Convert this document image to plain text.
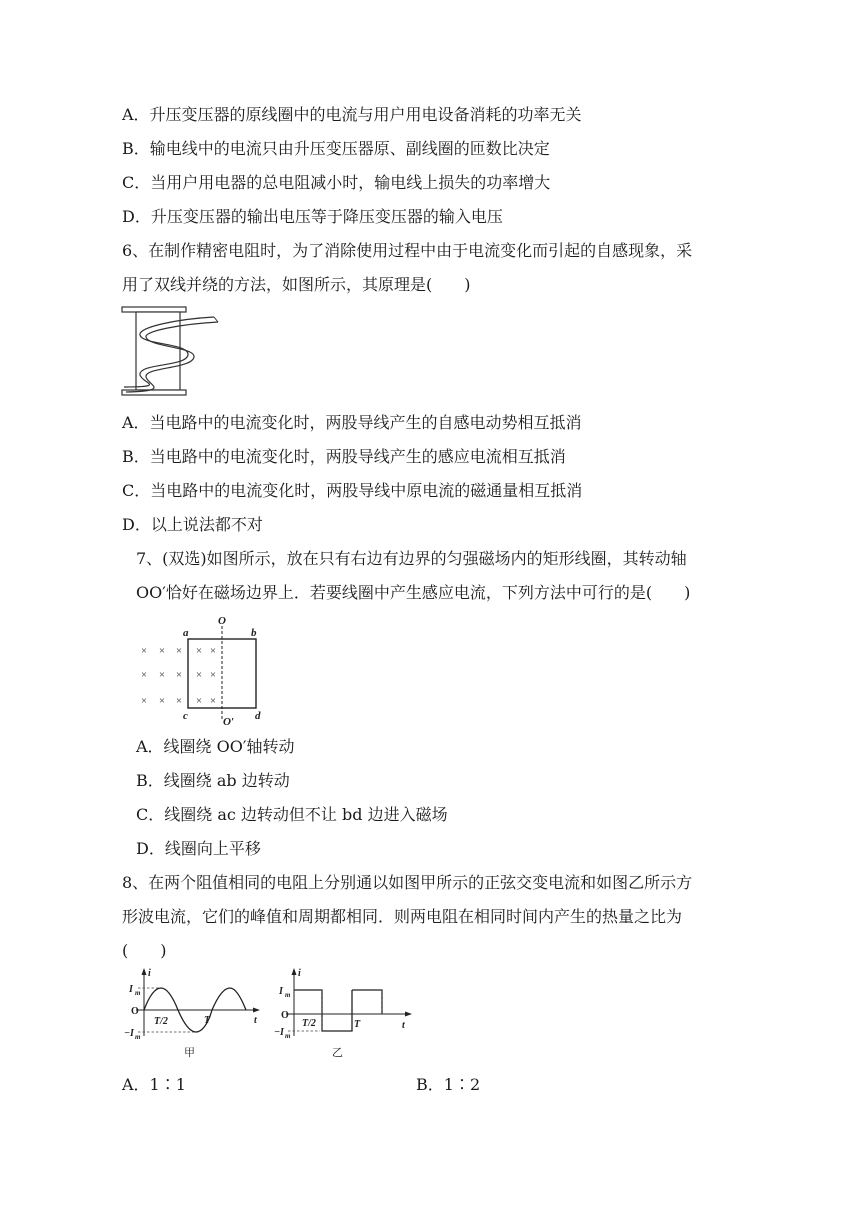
A．升压变压器的原线圈中的电流与用户用电设备消耗的功率无关
B．输电线中的电流只由升压变压器原、副线圈的匝数比决定
C．当用户用电器的总电阻减小时，输电线上损失的功率增大
D．升压变压器的输出电压等于降压变压器的输入电压
6、在制作精密电阻时，为了消除使用过程中由于电流变化而引起的自感现象，采
用了双线并绕的方法，如图所示，其原理是(　　)
A．当电路中的电流变化时，两股导线产生的自感电动势相互抵消
B．当电路中的电流变化时，两股导线产生的感应电流相互抵消
C．当电路中的电流变化时，两股导线中原电流的磁通量相互抵消
D．以上说法都不对
7、(双选)如图所示，放在只有右边有边界的匀强磁场内的矩形线圈，其转动轴
OO′恰好在磁场边界上．若要线圈中产生感应电流，下列方法中可行的是(　　)
× × × × ×
× × × × ×
× × × × ×
a	b
c	d
O
O′
A．线圈绕 OO′轴转动
B．线圈绕 ab 边转动
C．线圈绕 ac 边转动但不让 bd 边进入磁场
D．线圈向上平移
8、在两个阻值相同的电阻上分别通以如图甲所示的正弦交变电流和如图乙所示方
形波电流，它们的峰值和周期都相同．则两电阻在相同时间内产生的热量之比为
(　　)
i
I m
O
−I m
T/2	T	t
甲
i
I m
O
−I m
T/2	T	t
乙
A．1∶1	B．1∶2
